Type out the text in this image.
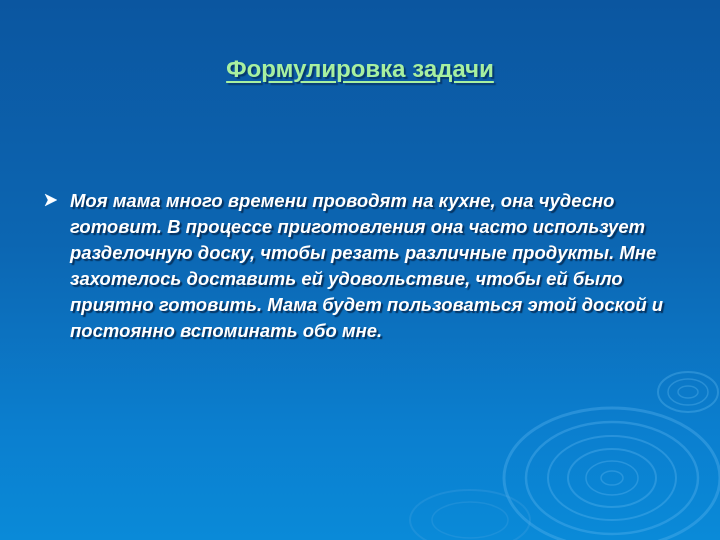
Формулировка задачи
Моя мама много времени проводят на кухне, она чудесно готовит. В процессе приготовления она часто использует разделочную доску, чтобы резать различные продукты. Мне захотелось доставить ей удовольствие, чтобы ей было приятно готовить. Мама будет пользоваться этой доской и постоянно вспоминать обо мне.
